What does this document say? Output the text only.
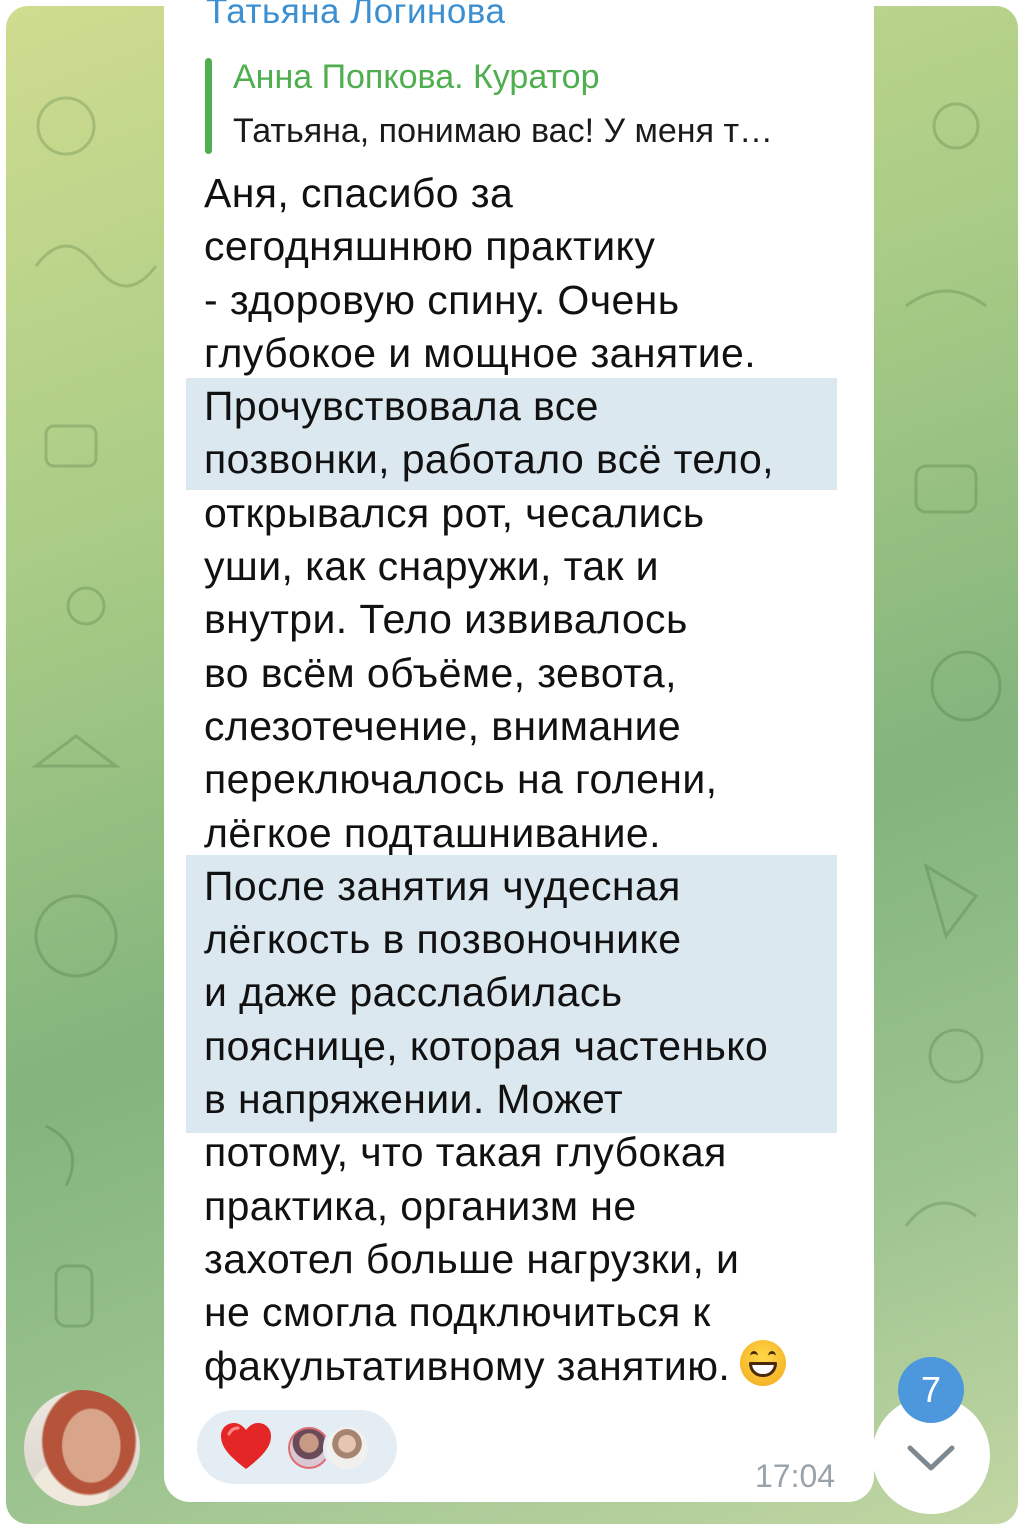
Татьяна Логинова
Анна Попкова. Куратор
Татьяна, понимаю вас! У меня т…
Аня, спасибо за
сегодняшнюю практику
- здоровую спину. Очень
глубокое и мощное занятие.
Прочувствовала все
позвонки, работало всё тело,
открывался рот, чесались
уши, как снаружи, так и
внутри. Тело извивалось
во всём объёме, зевота,
слезотечение, внимание
переключалось на голени,
лёгкое подташнивание.
После занятия чудесная
лёгкость в позвоночнике
и даже расслабилась
пояснице, которая частенько
в напряжении. Может
потому, что такая глубокая
практика, организм не
захотел больше нагрузки, и
не смогла подключиться к
факультативному занятию.
17:04
7
